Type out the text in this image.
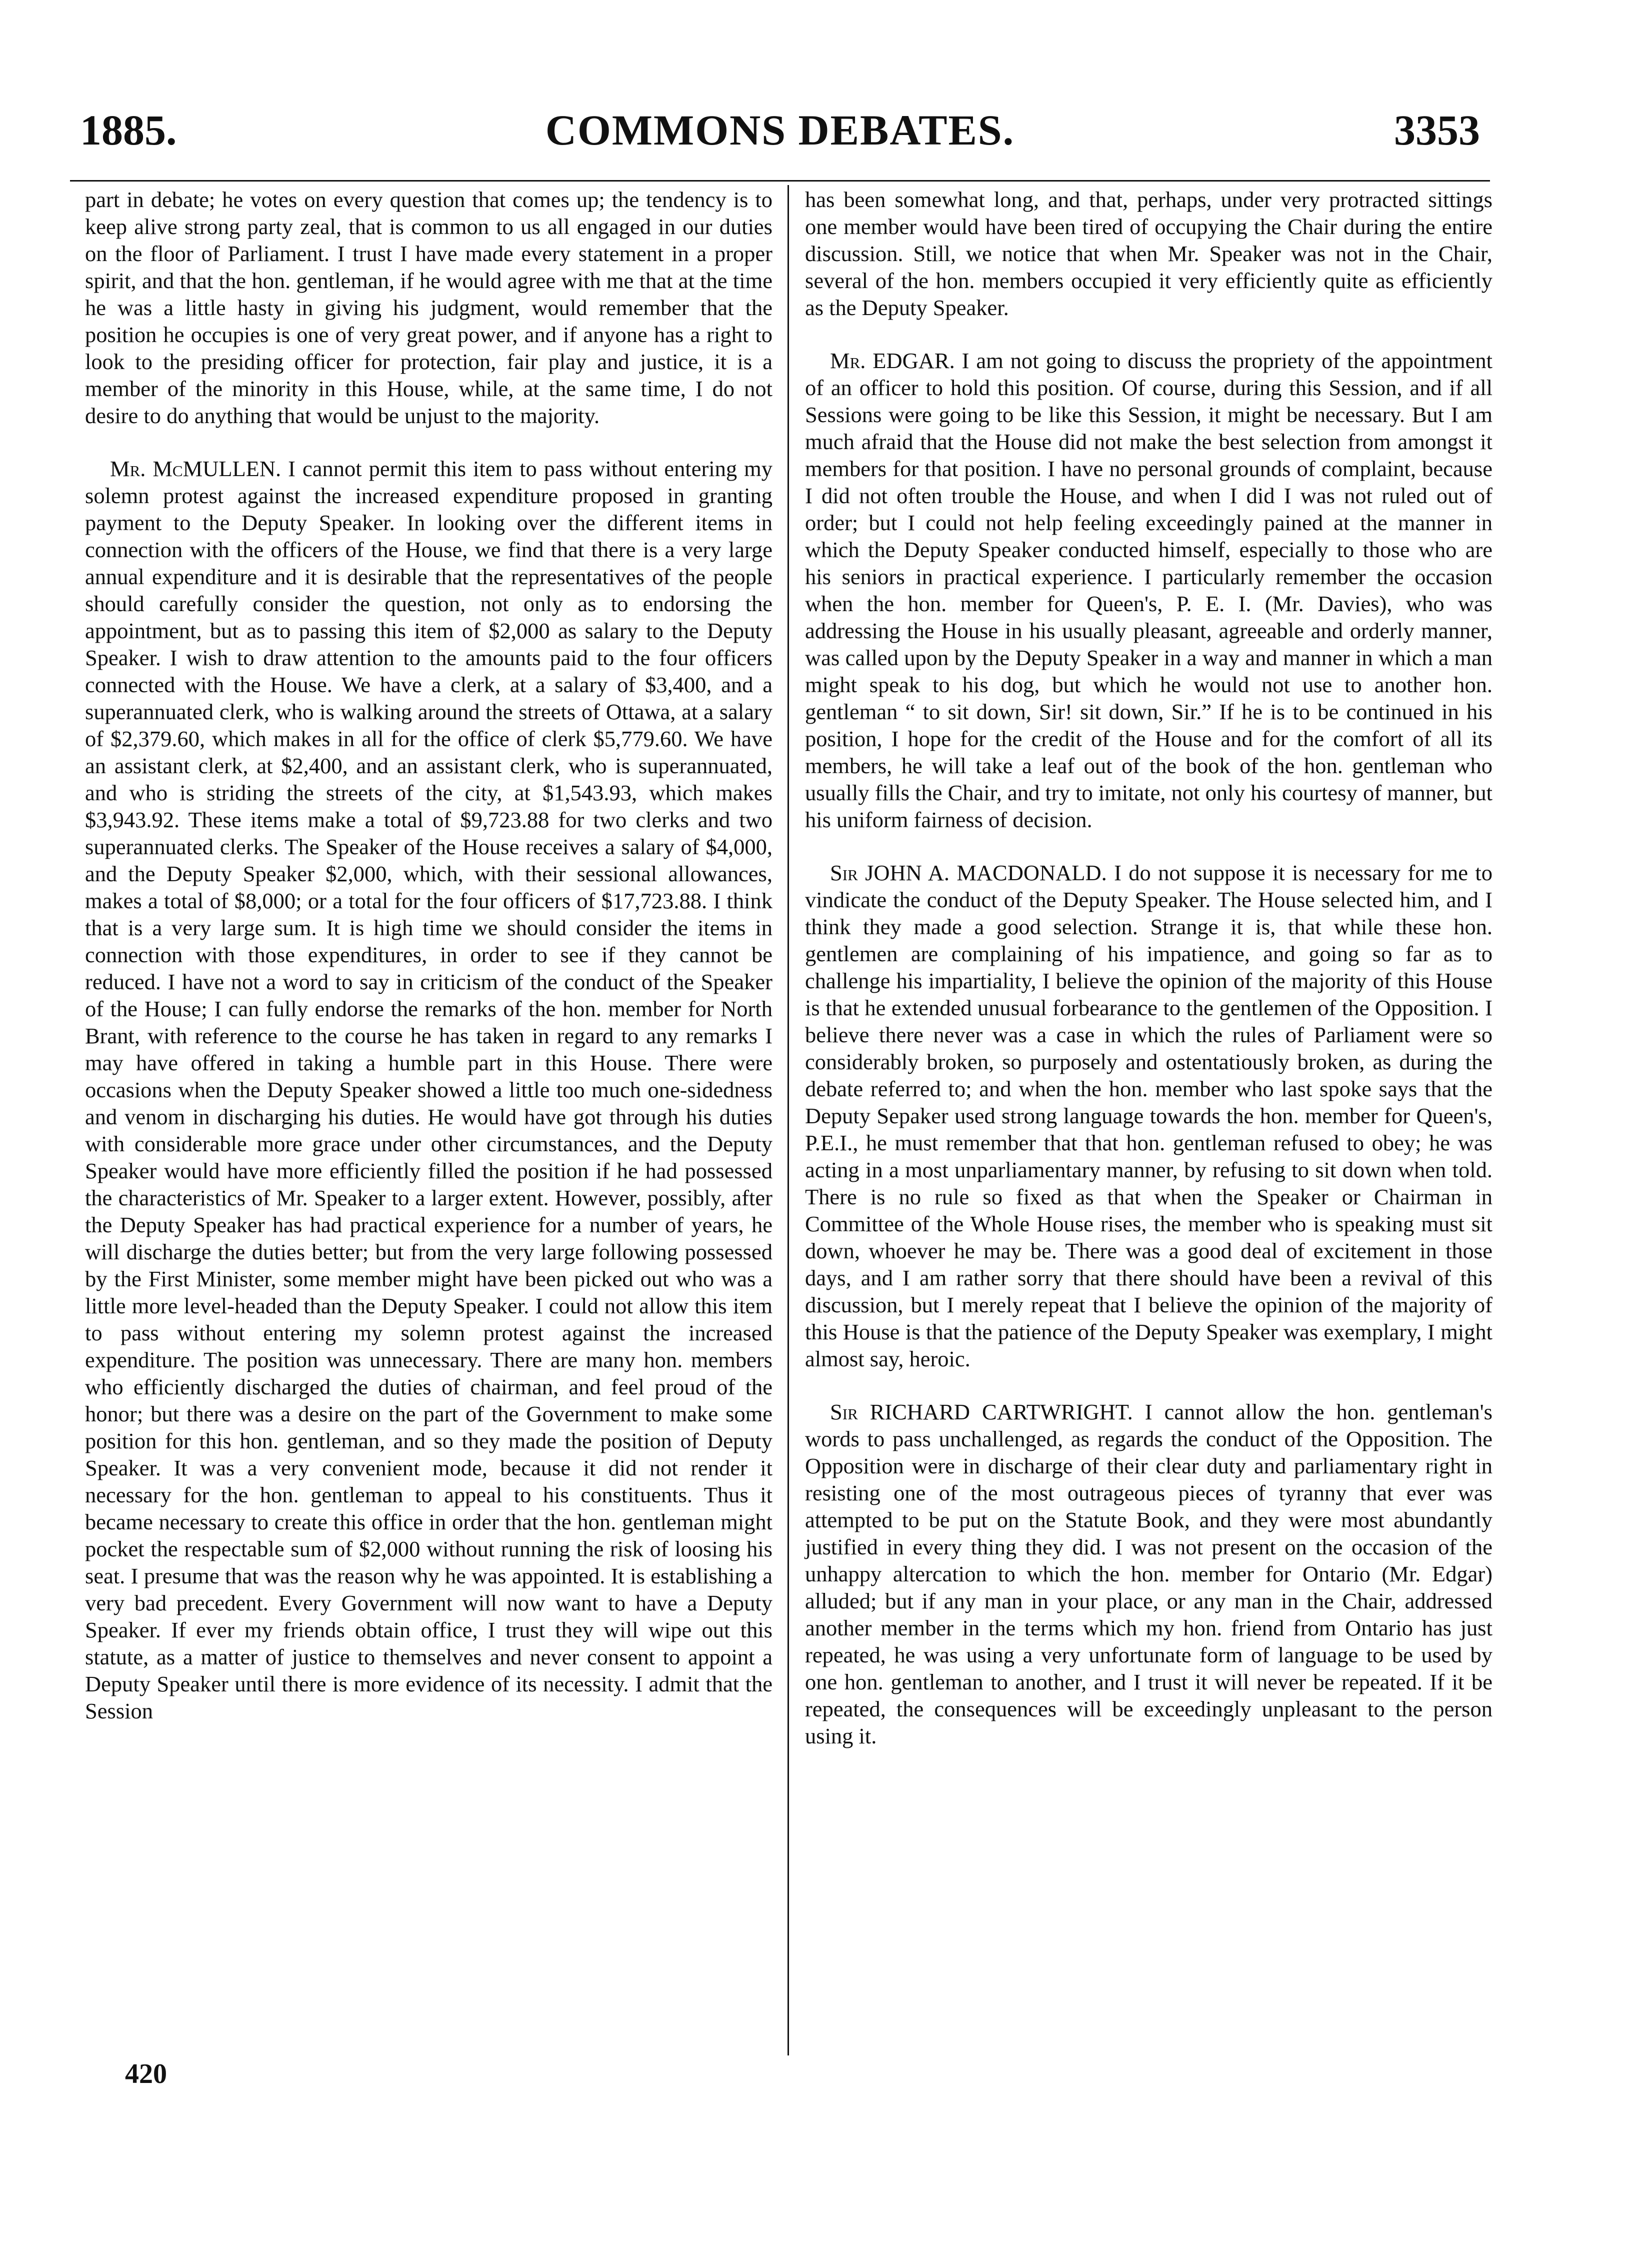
1885.	COMMONS DEBATES.	3353

part in debate; he votes on every question that comes up; the tendency is to keep alive strong party zeal, that is common to us all engaged in our duties on the floor of Parliament. I trust I have made every statement in a proper spirit, and that the hon. gentleman, if he would agree with me that at the time he was a little hasty in giving his judgment, would remember that the position he occupies is one of very great power, and if anyone has a right to look to the presiding officer for protection, fair play and justice, it is a member of the minority in this House, while, at the same time, I do not desire to do anything that would be unjust to the majority.

Mr. McMULLEN. I cannot permit this item to pass without entering my solemn protest against the increased expenditure proposed in granting payment to the Deputy Speaker. In looking over the different items in connection with the officers of the House, we find that there is a very large annual expenditure and it is desirable that the representatives of the people should carefully consider the question, not only as to endorsing the appointment, but as to passing this item of $2,000 as salary to the Deputy Speaker. I wish to draw attention to the amounts paid to the four officers connected with the House. We have a clerk, at a salary of $3,400, and a superannuated clerk, who is walking around the streets of Ottawa, at a salary of $2,379.60, which makes in all for the office of clerk $5,779.60. We have an assistant clerk, at $2,400, and an assistant clerk, who is superannuated, and who is striding the streets of the city, at $1,543.93, which makes $3,943.92. These items make a total of $9,723.88 for two clerks and two superannuated clerks. The Speaker of the House receives a salary of $4,000, and the Deputy Speaker $2,000, which, with their sessional allowances, makes a total of $8,000; or a total for the four officers of $17,723.88. I think that is a very large sum. It is high time we should consider the items in connection with those expenditures, in order to see if they cannot be reduced. I have not a word to say in criticism of the conduct of the Speaker of the House; I can fully endorse the remarks of the hon. member for North Brant, with reference to the course he has taken in regard to any remarks I may have offered in taking a humble part in this House. There were occasions when the Deputy Speaker showed a little too much one-sidedness and venom in discharging his duties. He would have got through his duties with considerable more grace under other circumstances, and the Deputy Speaker would have more efficiently filled the position if he had possessed the characteristics of Mr. Speaker to a larger extent. However, possibly, after the Deputy Speaker has had practical experience for a number of years, he will discharge the duties better; but from the very large following possessed by the First Minister, some member might have been picked out who was a little more level-headed than the Deputy Speaker. I could not allow this item to pass without entering my solemn protest against the increased expenditure. The position was unnecessary. There are many hon. members who efficiently discharged the duties of chairman, and feel proud of the honor; but there was a desire on the part of the Government to make some position for this hon. gentleman, and so they made the position of Deputy Speaker. It was a very convenient mode, because it did not render it necessary for the hon. gentleman to appeal to his constituents. Thus it became necessary to create this office in order that the hon. gentleman might pocket the respectable sum of $2,000 without running the risk of loosing his seat. I presume that was the reason why he was appointed. It is establishing a very bad precedent. Every Government will now want to have a Deputy Speaker. If ever my friends obtain office, I trust they will wipe out this statute, as a matter of justice to themselves and never consent to appoint a Deputy Speaker until there is more evidence of its necessity. I admit that the Session

has been somewhat long, and that, perhaps, under very protracted sittings one member would have been tired of occupying the Chair during the entire discussion. Still, we notice that when Mr. Speaker was not in the Chair, several of the hon. members occupied it very efficiently quite as efficiently as the Deputy Speaker.

Mr. EDGAR. I am not going to discuss the propriety of the appointment of an officer to hold this position. Of course, during this Session, and if all Sessions were going to be like this Session, it might be necessary. But I am much afraid that the House did not make the best selection from amongst it members for that position. I have no personal grounds of complaint, because I did not often trouble the House, and when I did I was not ruled out of order; but I could not help feeling exceedingly pained at the manner in which the Deputy Speaker conducted himself, especially to those who are his seniors in practical experience. I particularly remember the occasion when the hon. member for Queen's, P. E. I. (Mr. Davies), who was addressing the House in his usually pleasant, agreeable and orderly manner, was called upon by the Deputy Speaker in a way and manner in which a man might speak to his dog, but which he would not use to another hon. gentleman “ to sit down, Sir! sit down, Sir.” If he is to be continued in his position, I hope for the credit of the House and for the comfort of all its members, he will take a leaf out of the book of the hon. gentleman who usually fills the Chair, and try to imitate, not only his courtesy of manner, but his uniform fairness of decision.

Sir JOHN A. MACDONALD. I do not suppose it is necessary for me to vindicate the conduct of the Deputy Speaker. The House selected him, and I think they made a good selection. Strange it is, that while these hon. gentlemen are complaining of his impatience, and going so far as to challenge his impartiality, I believe the opinion of the majority of this House is that he extended unusual forbearance to the gentlemen of the Opposition. I believe there never was a case in which the rules of Parliament were so considerably broken, so purposely and ostentatiously broken, as during the debate referred to; and when the hon. member who last spoke says that the Deputy Sepaker used strong language towards the hon. member for Queen's, P.E.I., he must remember that that hon. gentleman refused to obey; he was acting in a most unparliamentary manner, by refusing to sit down when told. There is no rule so fixed as that when the Speaker or Chairman in Committee of the Whole House rises, the member who is speaking must sit down, whoever he may be. There was a good deal of excitement in those days, and I am rather sorry that there should have been a revival of this discussion, but I merely repeat that I believe the opinion of the majority of this House is that the patience of the Deputy Speaker was exemplary, I might almost say, heroic.

Sir RICHARD CARTWRIGHT. I cannot allow the hon. gentleman's words to pass unchallenged, as regards the conduct of the Opposition. The Opposition were in discharge of their clear duty and parliamentary right in resisting one of the most outrageous pieces of tyranny that ever was attempted to be put on the Statute Book, and they were most abundantly justified in every thing they did. I was not present on the occasion of the unhappy altercation to which the hon. member for Ontario (Mr. Edgar) alluded; but if any man in your place, or any man in the Chair, addressed another member in the terms which my hon. friend from Ontario has just repeated, he was using a very unfortunate form of language to be used by one hon. gentleman to another, and I trust it will never be repeated. If it be repeated, the consequences will be exceedingly unpleasant to the person using it.

420
